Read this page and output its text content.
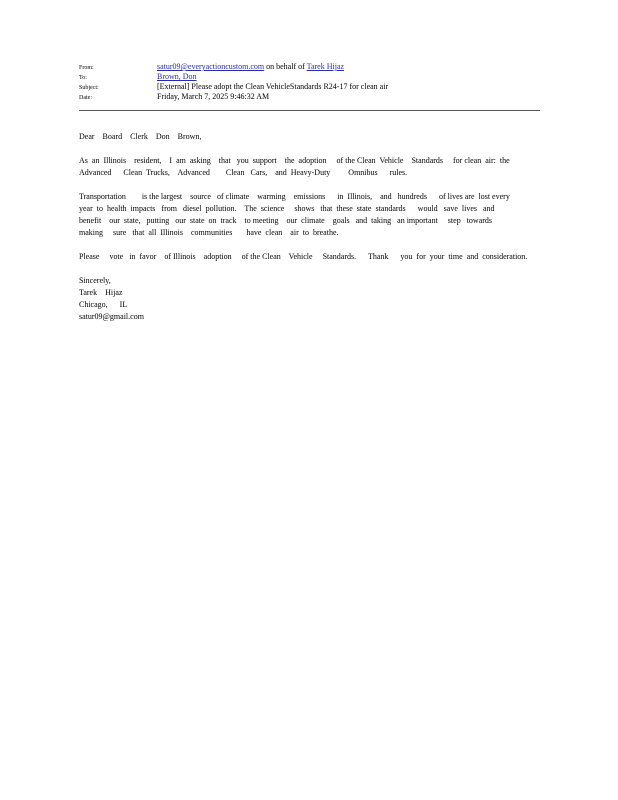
From:	satur09@everyactioncustom.com on behalf of Tarek Hijaz
To:	Brown, Don
Subject:	[External] Please adopt the Clean VehicleStandards R24-17 for clean air
Date:	Friday, March 7, 2025 9:46:32 AM

Dear    Board    Clerk    Don    Brown,

As  an  Illinois    resident,    I  am  asking    that   you  support    the  adoption     of the Clean  Vehicle    Standards     for clean  air:  the
Advanced      Clean  Trucks,    Advanced        Clean   Cars,    and  Heavy-Duty         Omnibus      rules.

Transportation        is the largest    source   of climate    warming    emissions      in  Illinois,    and   hundreds      of lives are  lost every
year  to  health  impacts   from   diesel  pollution.    The  science     shows   that  these  state  standards      would   save  lives   and
benefit    our  state,   putting   our  state  on  track    to meeting    our  climate    goals   and  taking   an important     step   towards
making     sure   that  all  Illinois    communities       have  clean    air  to  breathe.

Please     vote   in  favor    of Illinois    adoption     of the Clean    Vehicle     Standards.      Thank      you  for  your  time  and  consideration.

Sincerely,
Tarek    Hijaz
Chicago,      IL
satur09@gmail.com
